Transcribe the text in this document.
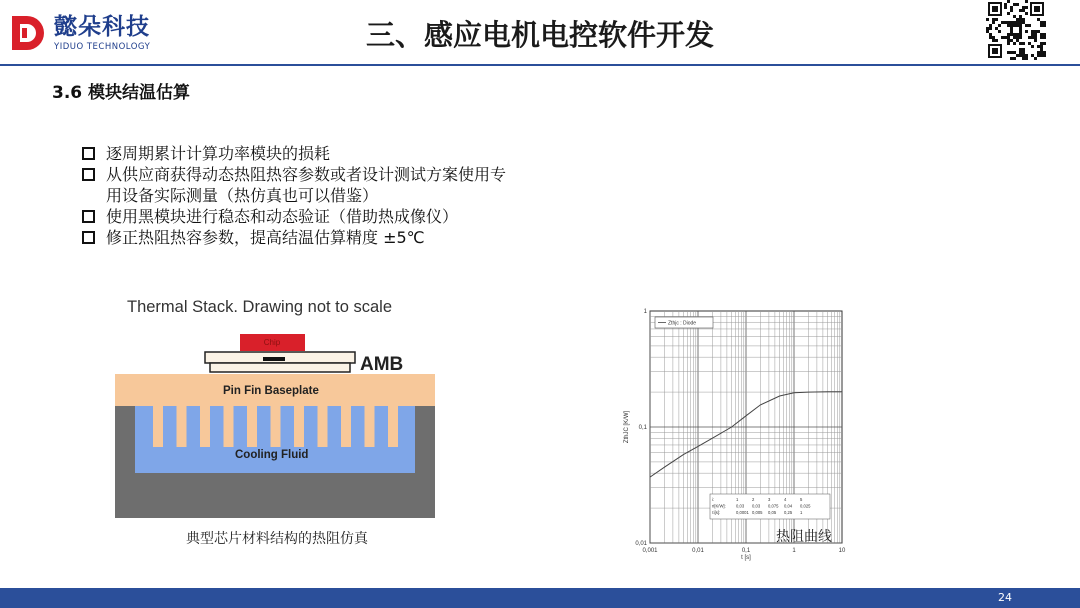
懿朵科技
YIDUO TECHNOLOGY	三、感应电机电控软件开发
3.6 模块结温估算
逐周期累计计算功率模块的损耗
从供应商获得动态热阻热容参数或者设计测试方案使用专
用设备实际测量（热仿真也可以借鉴）
使用黑模块进行稳态和动态验证（借助热成像仪）
修正热阻热容参数，提高结温估算精度 ±5℃
Thermal Stack. Drawing not to scale
Chip
AMB
Pin Fin Baseplate
Cooling Fluid
典型芯片材料结构的热阻仿真
0,001	0,01	0,1	1	10
0,01
0,1
1
t [s]
ZthJC [K/W]
Zthjc : Diode
i:	1	2	3	4	5
ri[K/W]: 0,03 0,03 0,075 0,04 0,025
τi[s]:	0,0001 0,005 0,05 0,25 1
热阻曲线
24
